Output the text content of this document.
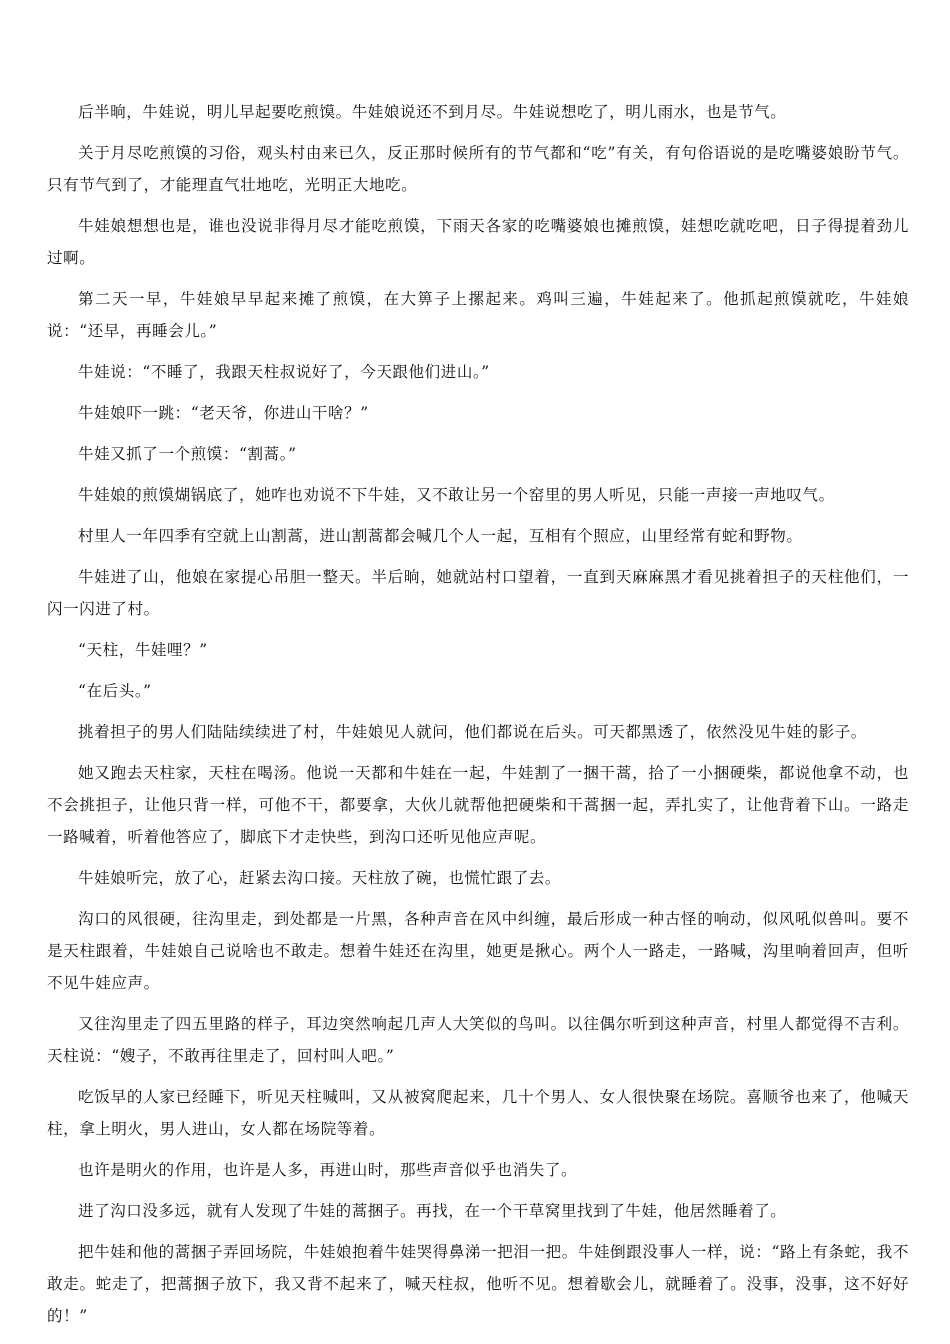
后半晌，牛娃说，明儿早起要吃煎馍。牛娃娘说还不到月尽。牛娃说想吃了，明儿雨水，也是节气。

关于月尽吃煎馍的习俗，观头村由来已久，反正那时候所有的节气都和“吃”有关，有句俗语说的是吃嘴婆娘盼节气。只有节气到了，才能理直气壮地吃，光明正大地吃。

牛娃娘想想也是，谁也没说非得月尽才能吃煎馍，下雨天各家的吃嘴婆娘也摊煎馍，娃想吃就吃吧，日子得提着劲儿过啊。

第二天一早，牛娃娘早早起来摊了煎馍，在大箅子上摞起来。鸡叫三遍，牛娃起来了。他抓起煎馍就吃，牛娃娘说：“还早，再睡会儿。”

牛娃说：“不睡了，我跟天柱叔说好了，今天跟他们进山。”

牛娃娘吓一跳：“老天爷，你进山干啥？”

牛娃又抓了一个煎馍：“割蒿。”

牛娃娘的煎馍煳锅底了，她咋也劝说不下牛娃，又不敢让另一个窑里的男人听见，只能一声接一声地叹气。

村里人一年四季有空就上山割蒿，进山割蒿都会喊几个人一起，互相有个照应，山里经常有蛇和野物。

牛娃进了山，他娘在家提心吊胆一整天。半后晌，她就站村口望着，一直到天麻麻黑才看见挑着担子的天柱他们，一闪一闪进了村。

“天柱，牛娃哩？”

“在后头。”

挑着担子的男人们陆陆续续进了村，牛娃娘见人就问，他们都说在后头。可天都黑透了，依然没见牛娃的影子。

她又跑去天柱家，天柱在喝汤。他说一天都和牛娃在一起，牛娃割了一捆干蒿，拾了一小捆硬柴，都说他拿不动，也不会挑担子，让他只背一样，可他不干，都要拿，大伙儿就帮他把硬柴和干蒿捆一起，弄扎实了，让他背着下山。一路走一路喊着，听着他答应了，脚底下才走快些，到沟口还听见他应声呢。

牛娃娘听完，放了心，赶紧去沟口接。天柱放了碗，也慌忙跟了去。

沟口的风很硬，往沟里走，到处都是一片黑，各种声音在风中纠缠，最后形成一种古怪的响动，似风吼似兽叫。要不是天柱跟着，牛娃娘自己说啥也不敢走。想着牛娃还在沟里，她更是揪心。两个人一路走，一路喊，沟里响着回声，但听不见牛娃应声。

又往沟里走了四五里路的样子，耳边突然响起几声人大笑似的鸟叫。以往偶尔听到这种声音，村里人都觉得不吉利。天柱说：“嫂子，不敢再往里走了，回村叫人吧。”

吃饭早的人家已经睡下，听见天柱喊叫，又从被窝爬起来，几十个男人、女人很快聚在场院。喜顺爷也来了，他喊天柱，拿上明火，男人进山，女人都在场院等着。

也许是明火的作用，也许是人多，再进山时，那些声音似乎也消失了。

进了沟口没多远，就有人发现了牛娃的蒿捆子。再找，在一个干草窝里找到了牛娃，他居然睡着了。

把牛娃和他的蒿捆子弄回场院，牛娃娘抱着牛娃哭得鼻涕一把泪一把。牛娃倒跟没事人一样，说：“路上有条蛇，我不敢走。蛇走了，把蒿捆子放下，我又背不起来了，喊天柱叔，他听不见。想着歇会儿，就睡着了。没事，没事，这不好好的！”
